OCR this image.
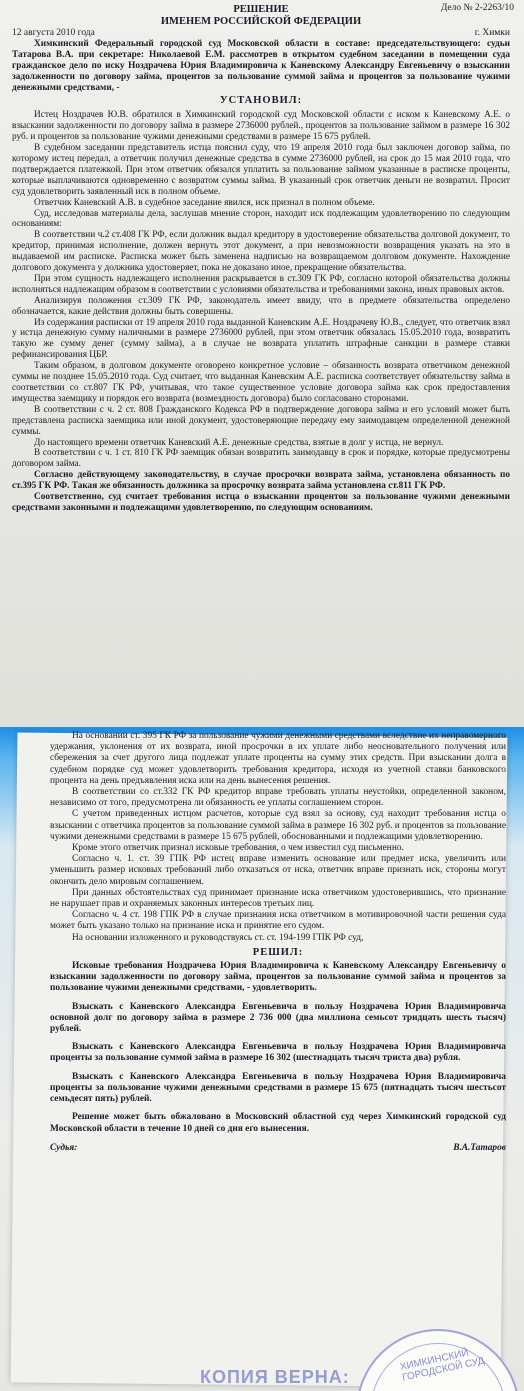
Дело № 2-2263/10
РЕШЕНИЕ
ИМЕНЕМ РОССИЙСКОЙ ФЕДЕРАЦИИ
12 августа 2010 года	г. Химки

Химкинский Федеральный городской суд Московской области в составе: председательствующего: судьи Татарова В.А. при секретаре: Николаевой Е.М. рассмотрев в открытом судебном заседании в помещении суда гражданское дело по иску Ноздрачева Юрия Владимировича к Каневскому Александру Евгеньевичу о взыскании задолженности по договору займа, процентов за пользование суммой займа и процентов за пользование чужими денежными средствами, -

УСТАНОВИЛ:

Истец Ноздрачев Ю.В. обратился в Химкинский городской суд Московской области с иском к Каневскому А.Е. о взыскании задолженности по договору займа в размере 2736000 рублей., процентов за пользование займом в размере 16 302 руб. и процентов за пользование чужими денежными средствами в размере 15 675 рублей.

В судебном заседании представитель истца пояснил суду, что 19 апреля 2010 года был заключен договор займа, по которому истец передал, а ответчик получил денежные средства в сумме 2736000 рублей, на срок до 15 мая 2010 года, что подтверждается платежкой. При этом ответчик обязался уплатить за пользование займом указанные в расписке проценты, которые выплачиваются одновременно с возвратом суммы займа. В указанный срок ответчик деньги не возвратил. Просит суд удовлетворить заявленный иск в полном объеме.

Ответчик Каневский А.В. в судебное заседание явился, иск признал в полном объеме.

Суд, исследовав материалы дела, заслушав мнение сторон, находит иск подлежащим удовлетворению по следующим основаниям:

В соответствии ч.2 ст.408 ГК РФ, если должник выдал кредитору в удостоверение обязательства долговой документ, то кредитор, принимая исполнение, должен вернуть этот документ, а при невозможности возвращения указать на это в выдаваемой им расписке. Расписка может быть заменена надписью на возвращаемом долговом документе. Нахождение долгового документа у должника удостоверяет, пока не доказано иное, прекращение обязательства.

При этом сущность надлежащего исполнения раскрывается в ст.309 ГК РФ, согласно которой обязательства должны исполняться надлежащим образом в соответствии с условиями обязательства и требованиями закона, иных правовых актов.

Анализируя положения ст.309 ГК РФ, законодатель имеет ввиду, что в предмете обязательства определено обозначается, какие действия должны быть совершены.

Из содержания расписки от 19 апреля 2010 года выданной Каневским А.Е. Ноздрачеву Ю.В., следует, что ответчик взял у истца денежную сумму наличными в размере 2736000 рублей, при этом ответчик обязалась 15.05.2010 года, возвратить такую же сумму денег (сумму займа), а в случае не возврата уплатить штрафные санкции в размере ставки рефинансирования ЦБР.

Таким образом, в долговом документе оговорено конкретное условие – обязанность возврата ответчиком денежной суммы не позднее 15.05.2010 года. Суд считает, что выданная Каневским А.Е. расписка соответствует обязательству займа в соответствии со ст.807 ГК РФ, учитывая, что такое существенное условие договора займа как срок предоставления имущества заемщику и порядок его возврата (возмездность договора) было согласовано сторонами.

В соответствии с ч. 2 ст. 808 Гражданского Кодекса РФ в подтверждение договора займа и его условий может быть представлена расписка заемщика или иной документ, удостоверяющие передачу ему заимодавцем определенной денежной суммы.

До настоящего времени ответчик Каневский А.Е. денежные средства, взятые в долг у истца, не вернул.

В соответствии с ч. 1 ст. 810 ГК РФ заемщик обязан возвратить заимодавцу в срок и порядке, которые предусмотрены договором займа.

Согласно действующему законодательству, в случае просрочки возврата займа, установлена обязанность по ст.395 ГК РФ. Такая же обязанность должника за просрочку возврата займа установлена ст.811 ГК РФ.

Соответственно, суд считает требования истца о взыскании процентов за пользование чужими денежными средствами законными и подлежащими удовлетворению, по следующим основаниям.

На основании ст. 395 ГК РФ за пользование чужими денежными средствами вследствие их неправомерного удержания, уклонения от их возврата, иной просрочки в их уплате либо неосновательного получения или сбережения за счет другого лица подлежат уплате проценты на сумму этих средств. При взыскании долга в судебном порядке суд может удовлетворить требования кредитора, исходя из учетной ставки банковского процента на день предъявления иска или на день вынесения решения.

В соответствии со ст.332 ГК РФ кредитор вправе требовать уплаты неустойки, определенной законом, независимо от того, предусмотрена ли обязанность ее уплаты соглашением сторон.

С учетом приведенных истцом расчетов, которые суд взял за основу, суд находит требования истца о взыскании с ответчика процентов за пользование суммой займа в размере 16 302 руб. и процентов за пользование чужими денежными средствами в размере 15 675 рублей, обоснованными и подлежащими удовлетворению.

Кроме этого ответчик признал исковые требования, о чем известил суд письменно.

Согласно ч. 1. ст. 39 ГПК РФ истец вправе изменить основание или предмет иска, увеличить или уменьшить размер исковых требований либо отказаться от иска, ответчик вправе признать иск, стороны могут окончить дело мировым соглашением.

При данных обстоятельствах суд принимает признание иска ответчиком удостоверившись, что признание не нарушает прав и охраняемых законных интересов третьих лиц.

Согласно ч. 4 ст. 198 ГПК РФ в случае признания иска ответчиком в мотивировочной части решения суда может быть указано только на признание иска и принятие его судом.

На основании изложенного и руководствуясь ст. ст. 194-199 ГПК РФ суд,

РЕШИЛ:

Исковые требования Ноздрачева Юрия Владимировича к Каневскому Александру Евгеньевичу о взыскании задолженности по договору займа, процентов за пользование суммой займа и процентов за пользование чужими денежными средствами, - удовлетворить.

Взыскать с Каневского Александра Евгеньевича в пользу Ноздрачева Юрия Владимировича основной долг по договору займа в размере 2 736 000 (два миллиона семьсот тридцать шесть тысяч) рублей.

Взыскать с Каневского Александра Евгеньевича в пользу Ноздрачева Юрия Владимировича проценты за пользование суммой займа в размере 16 302 (шестнадцать тысяч триста два) рубля.

Взыскать с Каневского Александра Евгеньевича в пользу Ноздрачева Юрия Владимировича проценты за пользование чужими денежными средствами в размере 15 675 (пятнадцать тысяч шестьсот семьдесят пять) рублей.

Решение может быть обжаловано в Московский областной суд через Химкинский городской суд Московской области в течение 10 дней со дня его вынесения.

Судья:	В.А.Татаров
КОПИЯ ВЕРНА:
ХИМКИНСКИЙ ГОРОДСКОЙ СУД
